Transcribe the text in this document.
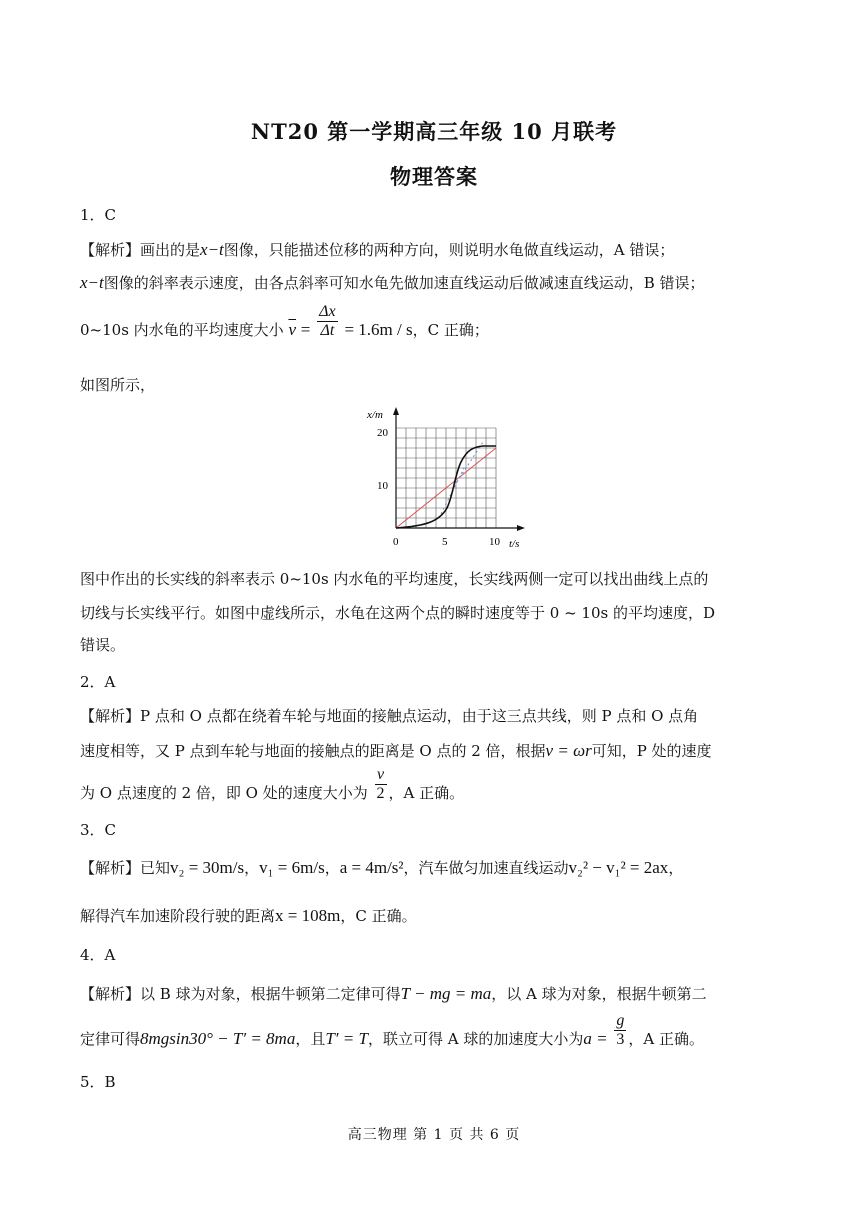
NT20 第一学期高三年级 10 月联考
物理答案
1．C
【解析】画出的是x−t图像，只能描述位移的两种方向，则说明水龟做直线运动，A 错误；
x−t图像的斜率表示速度，由各点斜率可知水龟先做加速直线运动后做减速直线运动，B 错误；
0~10s 内水龟的平均速度大小 $\overline{v} = \frac{\Delta x}{\Delta t} = 1.6m / s$，C 正确；
如图所示，
x/m
20
10
0	5	10 t/s
图中作出的长实线的斜率表示 0~10s 内水龟的平均速度，长实线两侧一定可以找出曲线上点的
切线与长实线平行。如图中虚线所示，水龟在这两个点的瞬时速度等于 0 ~ 10s 的平均速度，D
错误。
2．A
【解析】P 点和 O 点都在绕着车轮与地面的接触点运动，由于这三点共线，则 P 点和 O 点角
速度相等，又 P 点到车轮与地面的接触点的距离是 O 点的 2 倍，根据v = ωr可知，P 处的速度
为 O 点速度的 2 倍，即 O 处的速度大小为 $\frac{v}{2}$ ，A 正确。
3．C
【解析】已知v₂ = 30m/s，v₁ = 6m/s，a = 4m/s²，汽车做匀加速直线运动v₂² − v₁² = 2ax，
解得汽车加速阶段行驶的距离x = 108m，C 正确。
4．A
【解析】以 B 球为对象，根据牛顿第二定律可得T − mg = ma，以 A 球为对象，根据牛顿第二
定律可得8mgsin30° − T′ = 8ma，且T′ = T，联立可得 A 球的加速度大小为$a = \frac{g}{3}$ ，A 正确。
5．B
高三物理 第 1 页 共 6 页
